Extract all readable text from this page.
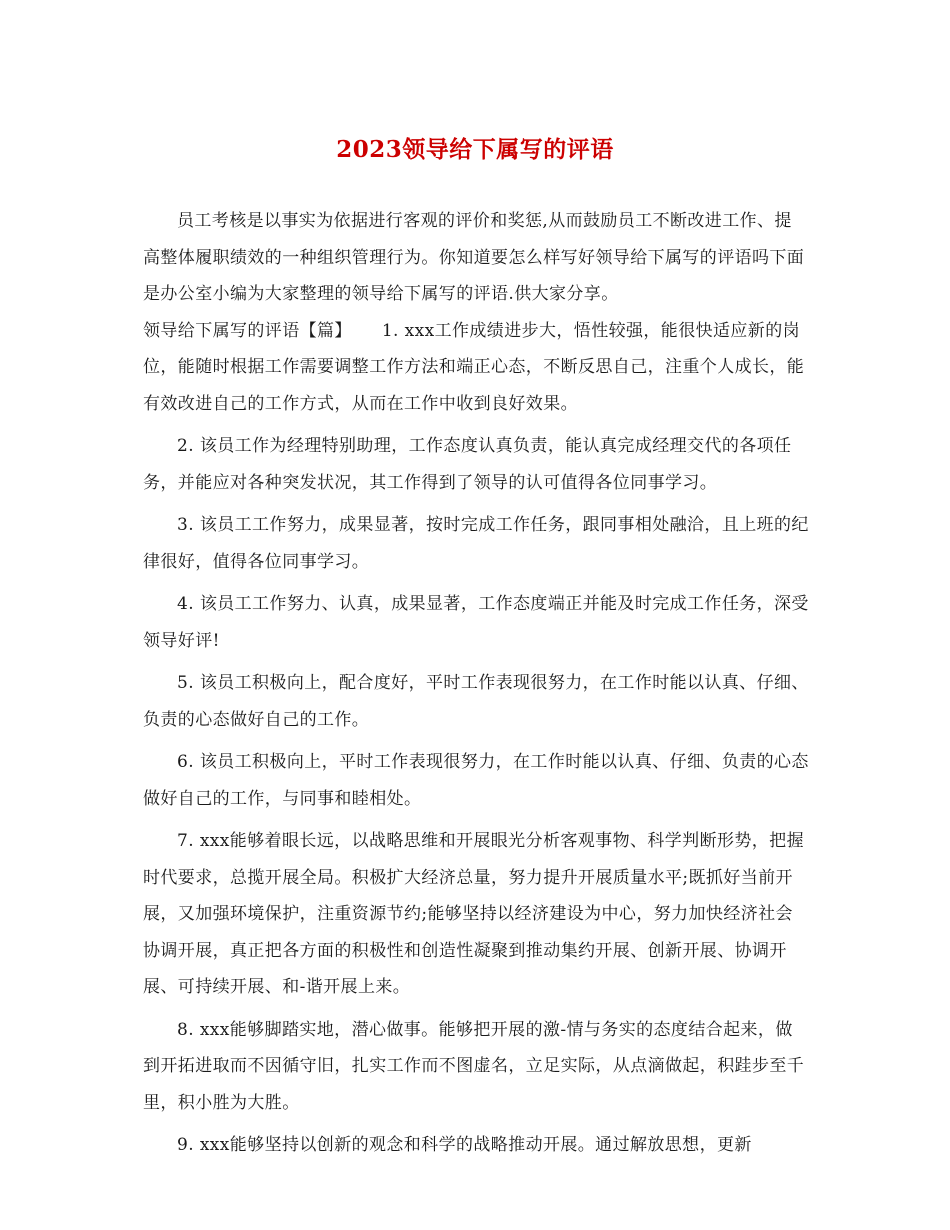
2023领导给下属写的评语

员工考核是以事实为依据进行客观的评价和奖惩,从而鼓励员工不断改进工作、提高整体履职绩效的一种组织管理行为。你知道要怎么样写好领导给下属写的评语吗下面是办公室小编为大家整理的领导给下属写的评语.供大家分享。

领导给下属写的评语【篇】 1. xxx工作成绩进步大，悟性较强，能很快适应新的岗位，能随时根据工作需要调整工作方法和端正心态，不断反思自己，注重个人成长，能有效改进自己的工作方式，从而在工作中收到良好效果。

2. 该员工作为经理特别助理，工作态度认真负责，能认真完成经理交代的各项任务，并能应对各种突发状况，其工作得到了领导的认可值得各位同事学习。

3. 该员工工作努力，成果显著，按时完成工作任务，跟同事相处融洽，且上班的纪律很好，值得各位同事学习。

4. 该员工工作努力、认真，成果显著，工作态度端正并能及时完成工作任务，深受领导好评!

5. 该员工积极向上，配合度好，平时工作表现很努力，在工作时能以认真、仔细、负责的心态做好自己的工作。

6. 该员工积极向上，平时工作表现很努力，在工作时能以认真、仔细、负责的心态做好自己的工作，与同事和睦相处。

7. xxx能够着眼长远，以战略思维和开展眼光分析客观事物、科学判断形势，把握时代要求，总揽开展全局。积极扩大经济总量，努力提升开展质量水平;既抓好当前开展，又加强环境保护，注重资源节约;能够坚持以经济建设为中心，努力加快经济社会协调开展，真正把各方面的积极性和创造性凝聚到推动集约开展、创新开展、协调开展、可持续开展、和-谐开展上来。

8. xxx能够脚踏实地，潜心做事。能够把开展的激-情与务实的态度结合起来，做到开拓进取而不因循守旧，扎实工作而不图虚名，立足实际，从点滴做起，积跬步至千里，积小胜为大胜。

9. xxx能够坚持以创新的观念和科学的战略推动开展。通过解放思想，更新
